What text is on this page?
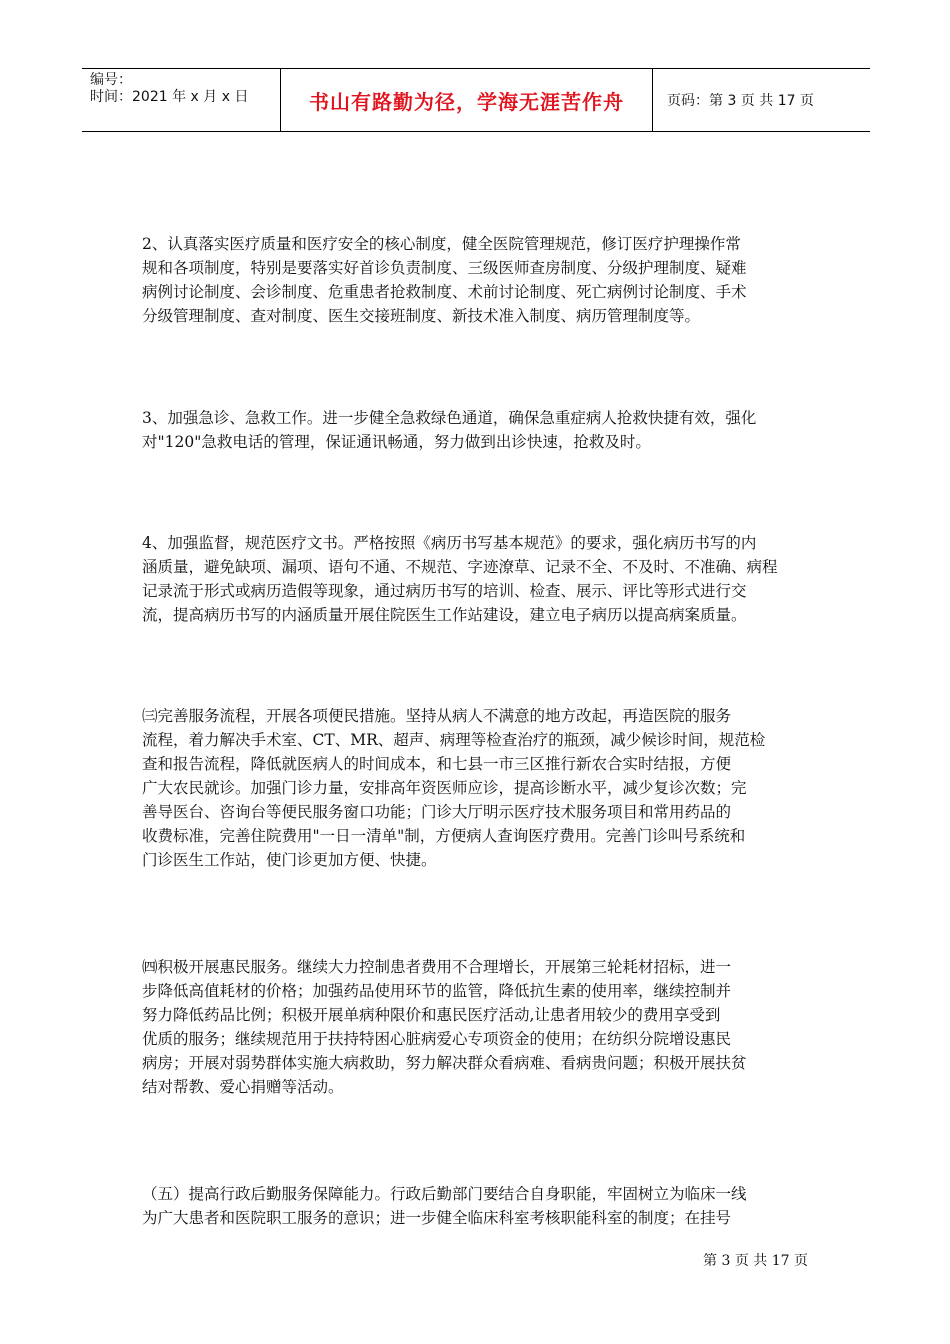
编号：
时间：2021 年 x 月 x 日	书山有路勤为径，学海无涯苦作舟	页码：第 3 页 共 17 页

2、认真落实医疗质量和医疗安全的核心制度，健全医院管理规范，修订医疗护理操作常
规和各项制度，特别是要落实好首诊负责制度、三级医师查房制度、分级护理制度、疑难
病例讨论制度、会诊制度、危重患者抢救制度、术前讨论制度、死亡病例讨论制度、手术
分级管理制度、查对制度、医生交接班制度、新技术准入制度、病历管理制度等。

3、加强急诊、急救工作。进一步健全急救绿色通道，确保急重症病人抢救快捷有效，强化
对"120"急救电话的管理，保证通讯畅通，努力做到出诊快速，抢救及时。

4、加强监督，规范医疗文书。严格按照《病历书写基本规范》的要求，强化病历书写的内
涵质量，避免缺项、漏项、语句不通、不规范、字迹潦草、记录不全、不及时、不准确、病程
记录流于形式或病历造假等现象，通过病历书写的培训、检查、展示、评比等形式进行交
流，提高病历书写的内涵质量开展住院医生工作站建设，建立电子病历以提高病案质量。

㈢完善服务流程，开展各项便民措施。坚持从病人不满意的地方改起，再造医院的服务
流程，着力解决手术室、CT、MR、超声、病理等检查治疗的瓶颈，减少候诊时间，规范检
查和报告流程，降低就医病人的时间成本，和七县一市三区推行新农合实时结报，方便
广大农民就诊。加强门诊力量，安排高年资医师应诊，提高诊断水平，减少复诊次数；完
善导医台、咨询台等便民服务窗口功能；门诊大厅明示医疗技术服务项目和常用药品的
收费标准，完善住院费用"一日一清单"制，方便病人查询医疗费用。完善门诊叫号系统和
门诊医生工作站，使门诊更加方便、快捷。

㈣积极开展惠民服务。继续大力控制患者费用不合理增长，开展第三轮耗材招标，进一
步降低高值耗材的价格；加强药品使用环节的监管，降低抗生素的使用率，继续控制并
努力降低药品比例；积极开展单病种限价和惠民医疗活动,让患者用较少的费用享受到
优质的服务；继续规范用于扶持特困心脏病爱心专项资金的使用；在纺织分院增设惠民
病房；开展对弱势群体实施大病救助，努力解决群众看病难、看病贵问题；积极开展扶贫
结对帮教、爱心捐赠等活动。

（五）提高行政后勤服务保障能力。行政后勤部门要结合自身职能，牢固树立为临床一线
为广大患者和医院职工服务的意识；进一步健全临床科室考核职能科室的制度；在挂号

第 3 页 共 17 页
